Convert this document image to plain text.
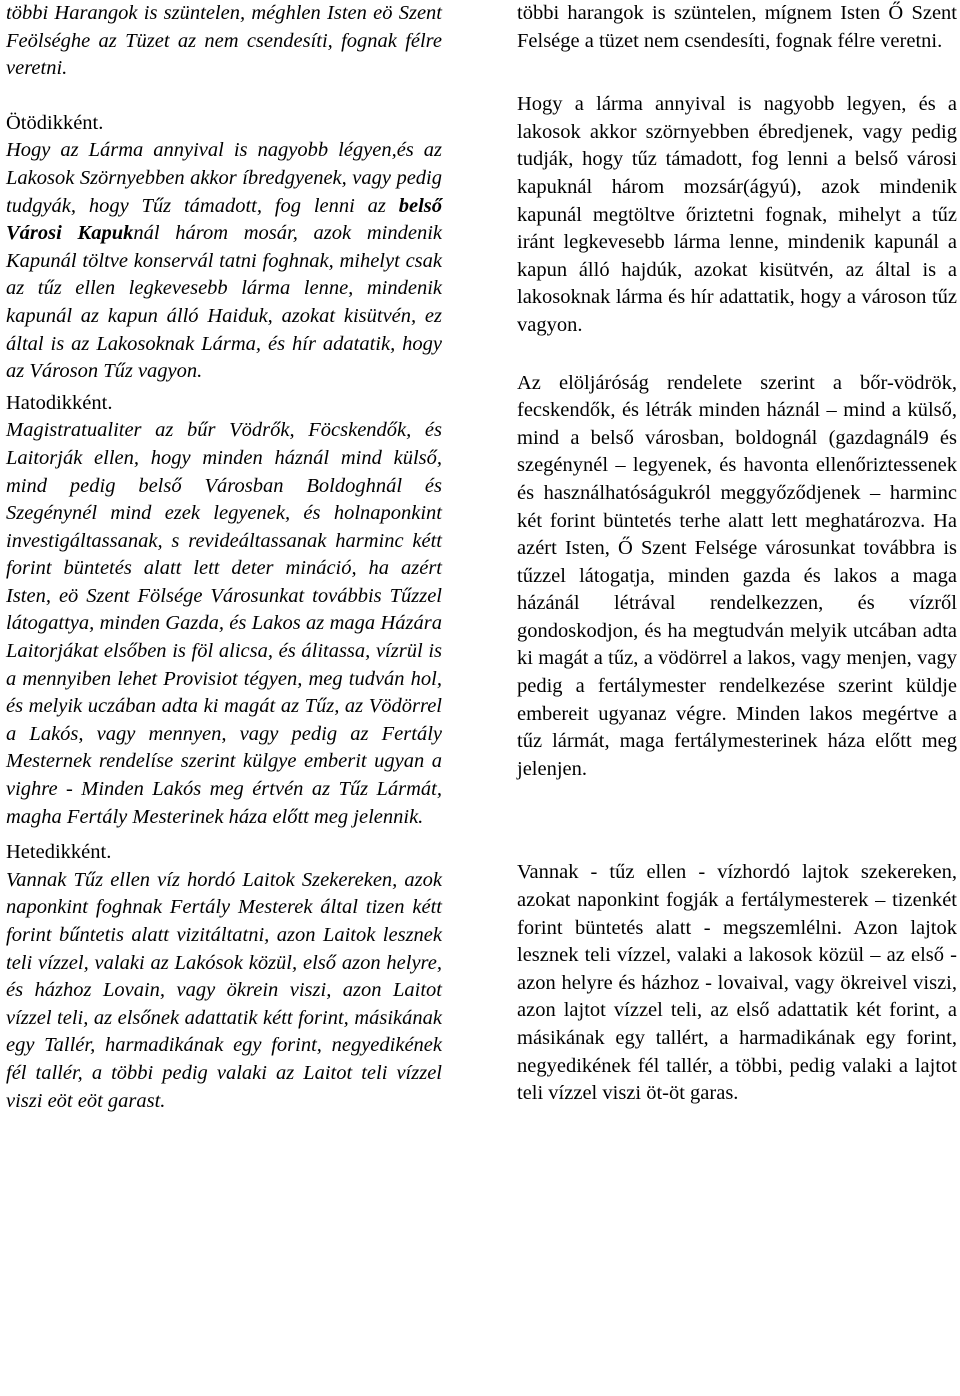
többi Harangok is szüntelen, méghlen Isten eö Szent Feölséghe az Tüzet az nem csendesíti, fognak félre veretni.

Ötödikként.

Hogy az Lárma annyival is nagyobb légyen,és az Lakosok Szörnyebben akkor íbredgyenek, vagy pedig tudgyák, hogy Tűz támadott, fog lenni az belső Városi Kapuknál három mosár, azok mindenik Kapunál töltve konservál tatni foghnak, mihelyt csak az tűz ellen legkevesebb lárma lenne, mindenik kapunál az kapun álló Haiduk, azokat kisütvén, ez által is az Lakosoknak Lárma, és hír adatatik, hogy az Városon Tűz vagyon.

Hatodikként.

Magistratualiter az bűr Vödrők, Föcskendők, és Laitorják ellen, hogy minden háznál mind külső, mind pedig belső Városban Boldoghnál és Szegénynél mind ezek legyenek, és holnaponkint investigáltassanak, s revideáltassanak harminc kétt forint büntetés alatt lett deter mináció, ha azért Isten, eö Szent Fölsége Városunkat továbbis Tűzzel látogattya, minden Gazda, és Lakos az maga Házára Laitorjákat elsőben is föl alicsa, és álitassa, vízrül is a mennyiben lehet Provisiot tégyen, meg tudván hol, és melyik uczában adta ki magát az Tűz, az Vödörrel a Lakós, vagy mennyen, vagy pedig az Fertály Mesternek rendelíse szerint külgye emberit ugyan a vighre - Minden Lakós meg értvén az Tűz Lármát, magha Fertály Mesterinek háza előtt meg jelennik.

Hetedikként.

Vannak Tűz ellen víz hordó Laitok Szekereken, azok naponkint foghnak Fertály Mesterek által tizen kétt forint bűntetis alatt vizitáltatni, azon Laitok lesznek teli vízzel, valaki az Lakósok közül, első azon helyre, és házhoz Lovain, vagy ökrein viszi, azon Laitot vízzel teli, az elsőnek adattatik kétt forint, másikának egy Tallér, harmadikának egy forint, negyedikének fél tallér, a többi pedig valaki az Laitot teli vízzel viszi eöt eöt garast.

többi harangok is szüntelen, mígnem Isten Ő Szent Felsége a tüzet nem csendesíti, fognak félre veretni.

Hogy a lárma annyival is nagyobb legyen, és a lakosok akkor szörnyebben ébredjenek, vagy pedig tudják, hogy tűz támadott, fog lenni a belső városi kapuknál három mozsár(ágyú), azok mindenik kapunál megtöltve őriztetni fognak, mihelyt a tűz iránt legkevesebb lárma lenne, mindenik kapunál a kapun álló hajdúk, azokat kisütvén, az által is a lakosoknak lárma és hír adattatik, hogy a városon tűz vagyon.

Az elöljáróság rendelete szerint a bőr-vödrök, fecskendők, és létrák minden háznál – mind a külső, mind a belső városban, boldognál (gazdagnál9 és szegénynél – legyenek, és havonta ellenőriztessenek és használhatóságukról meggyőződjenek – harminc két forint büntetés terhe alatt lett meghatározva. Ha azért Isten, Ő Szent Felsége városunkat továbbra is tűzzel látogatja, minden gazda és lakos a maga házánál létrával rendelkezzen, és vízről gondoskodjon, és ha megtudván melyik utcában adta ki magát a tűz, a vödörrel a lakos, vagy menjen, vagy pedig a fertálymester rendelkezése szerint küldje embereit ugyanaz végre. Minden lakos megértve a tűz lármát, maga fertálymesterinek háza előtt meg jelenjen.

Vannak - tűz ellen - vízhordó lajtok szekereken, azokat naponkint fogják a fertálymesterek – tizenkét forint büntetés alatt - megszemlélni. Azon lajtok lesznek teli vízzel, valaki a lakosok közül – az első - azon helyre és házhoz - lovaival, vagy ökreivel viszi, azon lajtot vízzel teli, az első adattatik két forint, a másikának egy tallért, a harmadikának egy forint, negyedikének fél tallér, a többi, pedig valaki a lajtot teli vízzel viszi öt-öt garas.
